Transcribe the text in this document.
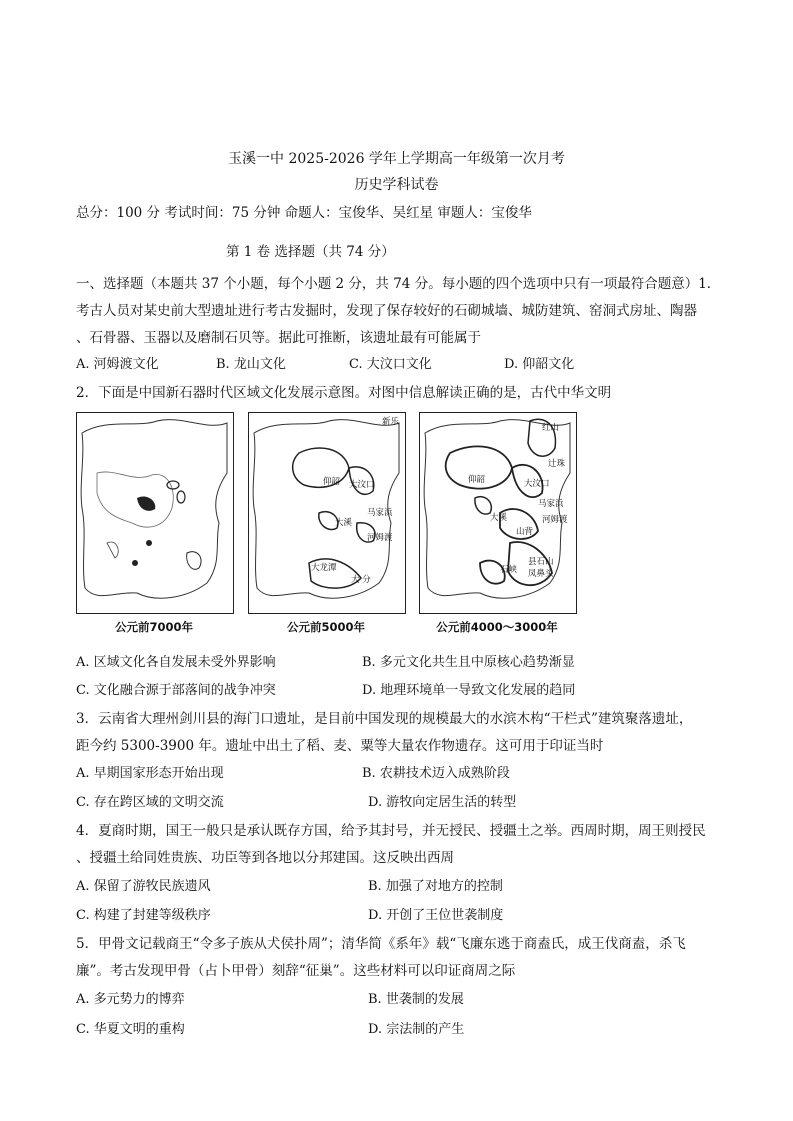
玉溪一中 2025-2026 学年上学期高一年级第一次月考
历史学科试卷
总分：100 分 考试时间：75 分钟 命题人：宝俊华、吴红星 审题人：宝俊华
第 1 卷 选择题（共 74 分）
一、选择题（本题共 37 个小题，每个小题 2 分，共 74 分。每小题的四个选项中只有一项最符合题意）1．
考古人员对某史前大型遗址进行考古发掘时，发现了保存较好的石砌城墙、城防建筑、窑洞式房址、陶器
、石骨器、玉器以及磨制石贝等。据此可推断，该遗址最有可能属于
A. 河姆渡文化	B. 龙山文化	C. 大汶口文化	D. 仰韶文化
2．下面是中国新石器时代区域文化发展示意图。对图中信息解读正确的是，古代中华文明
公元前7000年
新乐
仰韶 大汶口
马家浜
大溪
河姆渡
大龙潭
大 分
公元前5000年
红山
仰韶	大汶口
马家浜
大溪	河姆渡
山背
县石山
石峡 凤鼻头
辻珠
公元前4000～3000年
A. 区域文化各自发展未受外界影响	B. 多元文化共生且中原核心趋势渐显
C. 文化融合源于部落间的战争冲突	D. 地理环境单一导致文化发展的趋同
3．云南省大理州剑川县的海门口遗址，是目前中国发现的规模最大的水滨木构“干栏式”建筑聚落遗址，
距今约 5300-3900 年。遗址中出土了稻、麦、粟等大量农作物遗存。这可用于印证当时
A. 早期国家形态开始出现	B. 农耕技术迈入成熟阶段
C. 存在跨区域的文明交流	D. 游牧向定居生活的转型
4．夏商时期，国王一般只是承认既存方国，给予其封号，并无授民、授疆土之举。西周时期，周王则授民
、授疆土给同姓贵族、功臣等到各地以分邦建国。这反映出西周
A. 保留了游牧民族遗风	B. 加强了对地方的控制
C. 构建了封建等级秩序	D. 开创了王位世袭制度
5．甲骨文记载商王“令多子族从犬侯扑周”；清华简《系年》载“飞廉东逃于商盍氏，成王伐商盍，杀飞
廉”。考古发现甲骨（占卜甲骨）刻辞“征巢”。这些材料可以印证商周之际
A. 多元势力的博弈	B. 世袭制的发展
C. 华夏文明的重构	D. 宗法制的产生
